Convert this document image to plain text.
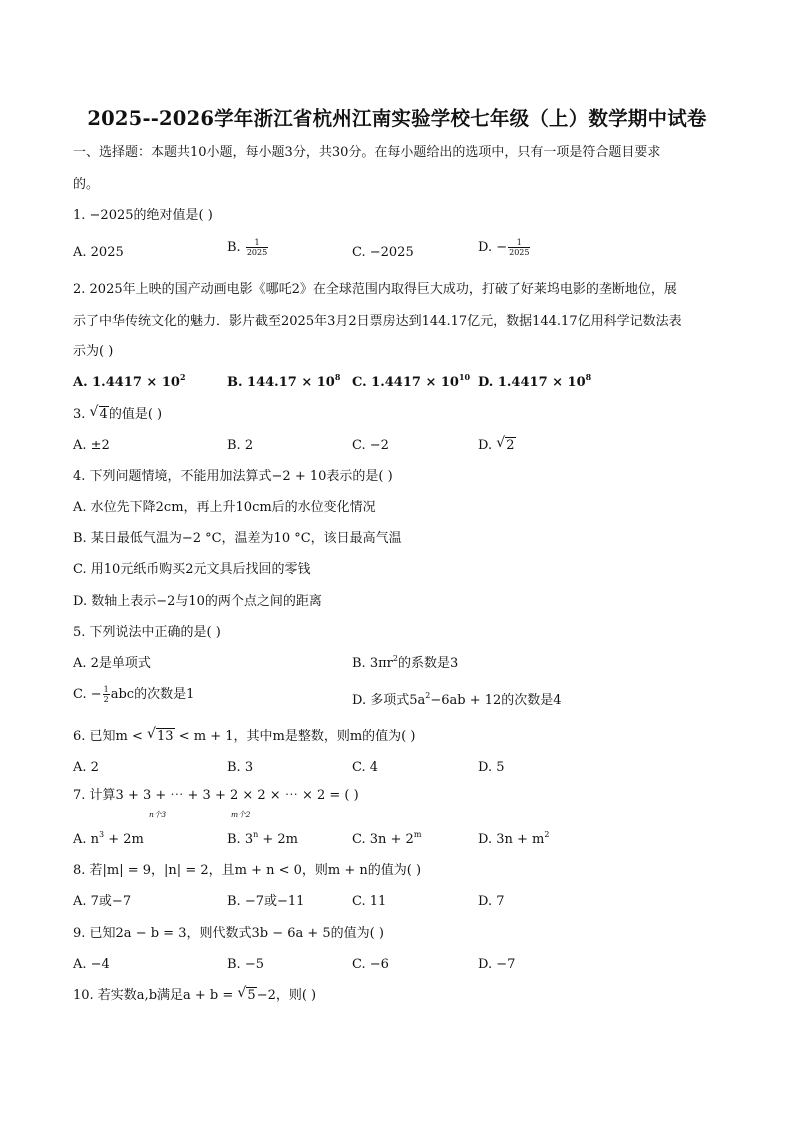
2025--2026学年浙江省杭州江南实验学校七年级（上）数学期中试卷
一、选择题：本题共10小题，每小题3分，共30分。在每小题给出的选项中，只有一项是符合题目要求
的。
1. −2025的绝对值是( )
A. 2025	B. $\frac{1}{2025}$	C. −2025	D. − $\frac{1}{2025}$
2. 2025年上映的国产动画电影《哪吒2》在全球范围内取得巨大成功，打破了好莱坞电影的垄断地位，展
示了中华传统文化的魅力．影片截至2025年3月2日票房达到144.17亿元，数据144.17亿用科学记数法表
示为( )
A. $1.4417 \times 10^2$	B. $144.17 \times 10^8$ C. $1.4417 \times 10^{10}$ D. $1.4417 \times 10^8$
3. √ 4的值是( )
A. ±2	B. 2	C. −2	D. √ 2
4. 下列问题情境，不能用加法算式−2 + 10表示的是( )
A. 水位先下降2cm，再上升10cm后的水位变化情况
B. 某日最低气温为−2 °C，温差为10 °C，该日最高气温
C. 用10元纸币购买2元文具后找回的零钱
D. 数轴上表示−2与10的两个点之间的距离
5. 下列说法中正确的是( )
A. 2是单项式	B. $3\pi r^2$的系数是3
C. − $\frac{1}{2}$ abc的次数是1	D. 多项式$5a^2-6ab + 12$的次数是4
6. 已知m < √ 13 < m + 1，其中m是整数，则m的值为( )
A. 2	B. 3	C. 4	D. 5
7. 计算3 + 3 + ⋯ + 3 + 2 × 2 × ⋯ × 2 = ( )
n个3	m个2
A. $n^3 + 2m$	B. $3^n + 2m$	C. $3n + 2^m$	D. $3n + m^2$
8. 若|m| = 9，|n| = 2，且m + n < 0，则m + n的值为( )
A. 7或−7	B. −7或−11	C. 11	D. 7
9. 已知2a − b = 3，则代数式3b − 6a + 5的值为( )
A. −4	B. −5	C. −6	D. −7
10. 若实数a,b满足a + b = √ 5−2，则( )
